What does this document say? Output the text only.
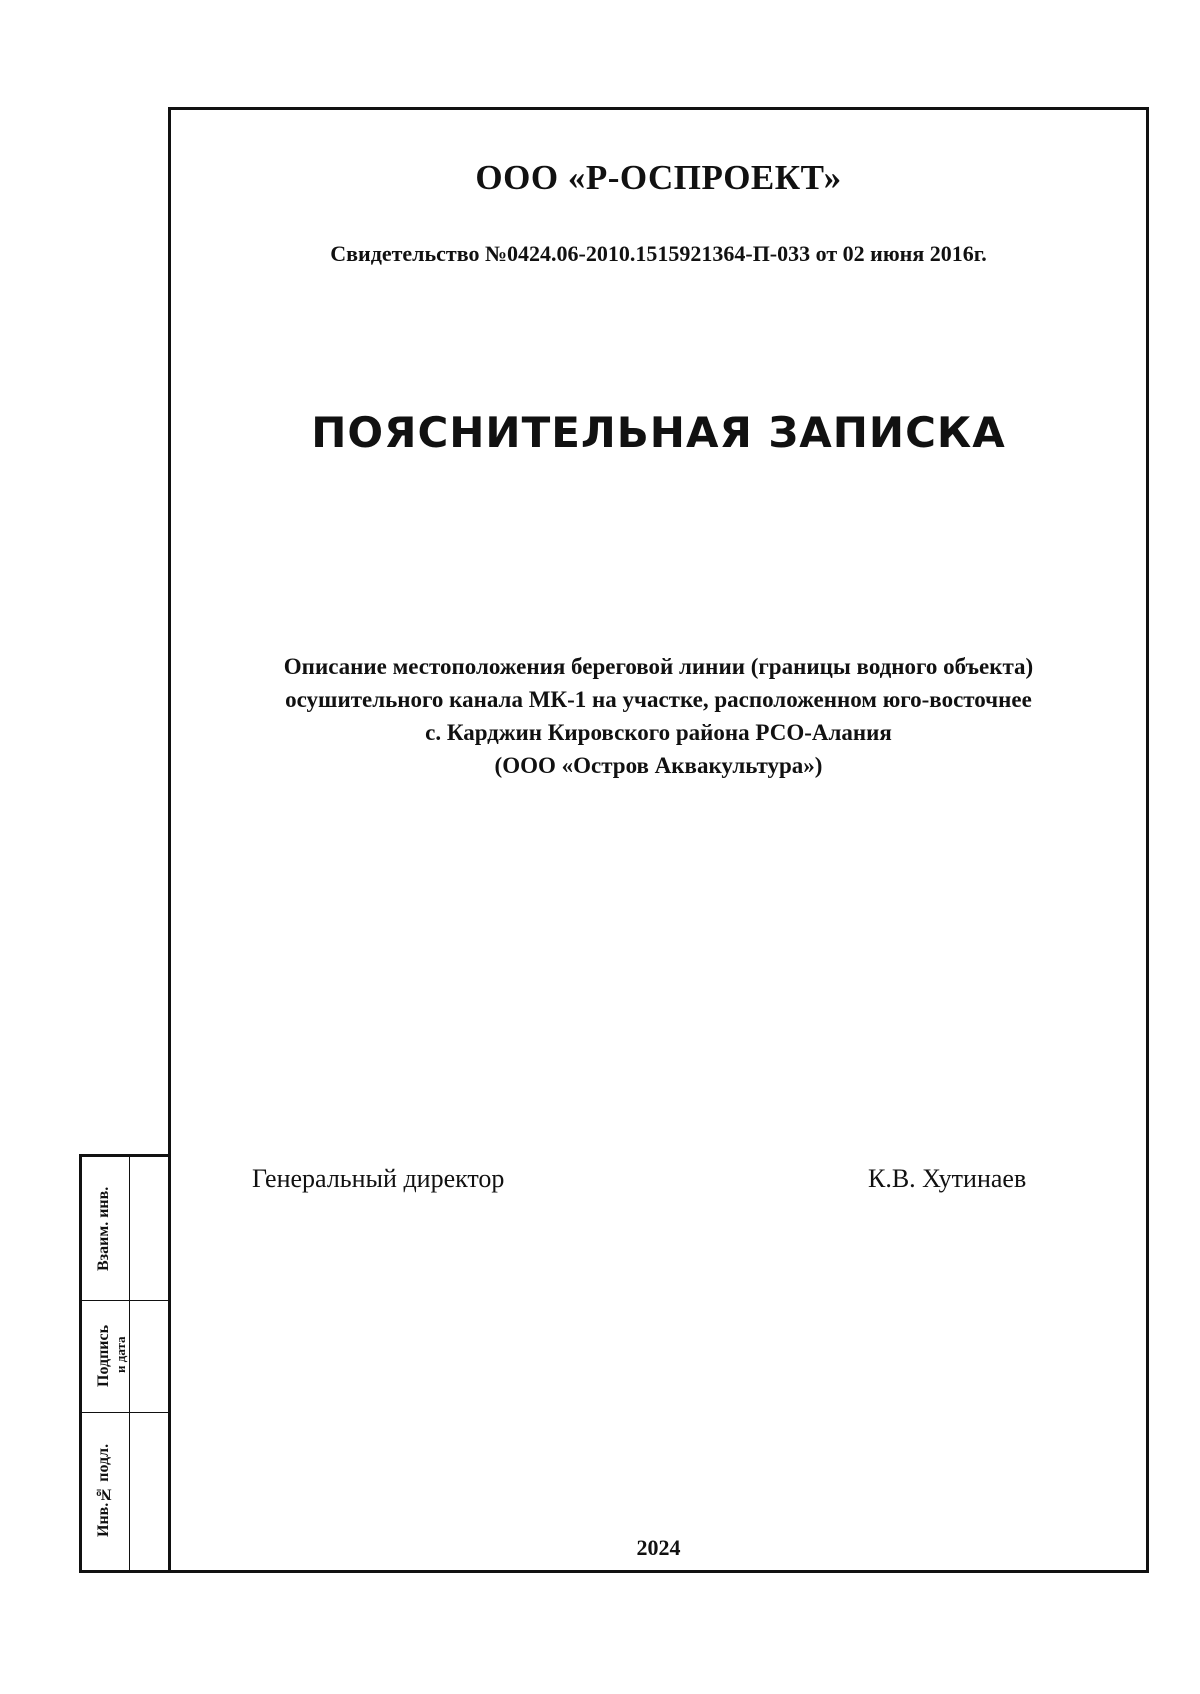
Взаим. инв.
Подпись и дата
Инв.№ подл.
ООО «Р-ОСПРОЕКТ»
Свидетельство №0424.06-2010.1515921364-П-033 от 02 июня 2016г.
ПОЯСНИТЕЛЬНАЯ ЗАПИСКА
Описание местоположения береговой линии (границы водного объекта)
осушительного канала МК-1 на участке, расположенном юго-восточнее
с. Карджин Кировского района РСО-Алания
(ООО «Остров Аквакультура»)
Генеральный директор	К.В. Хутинаев
2024
